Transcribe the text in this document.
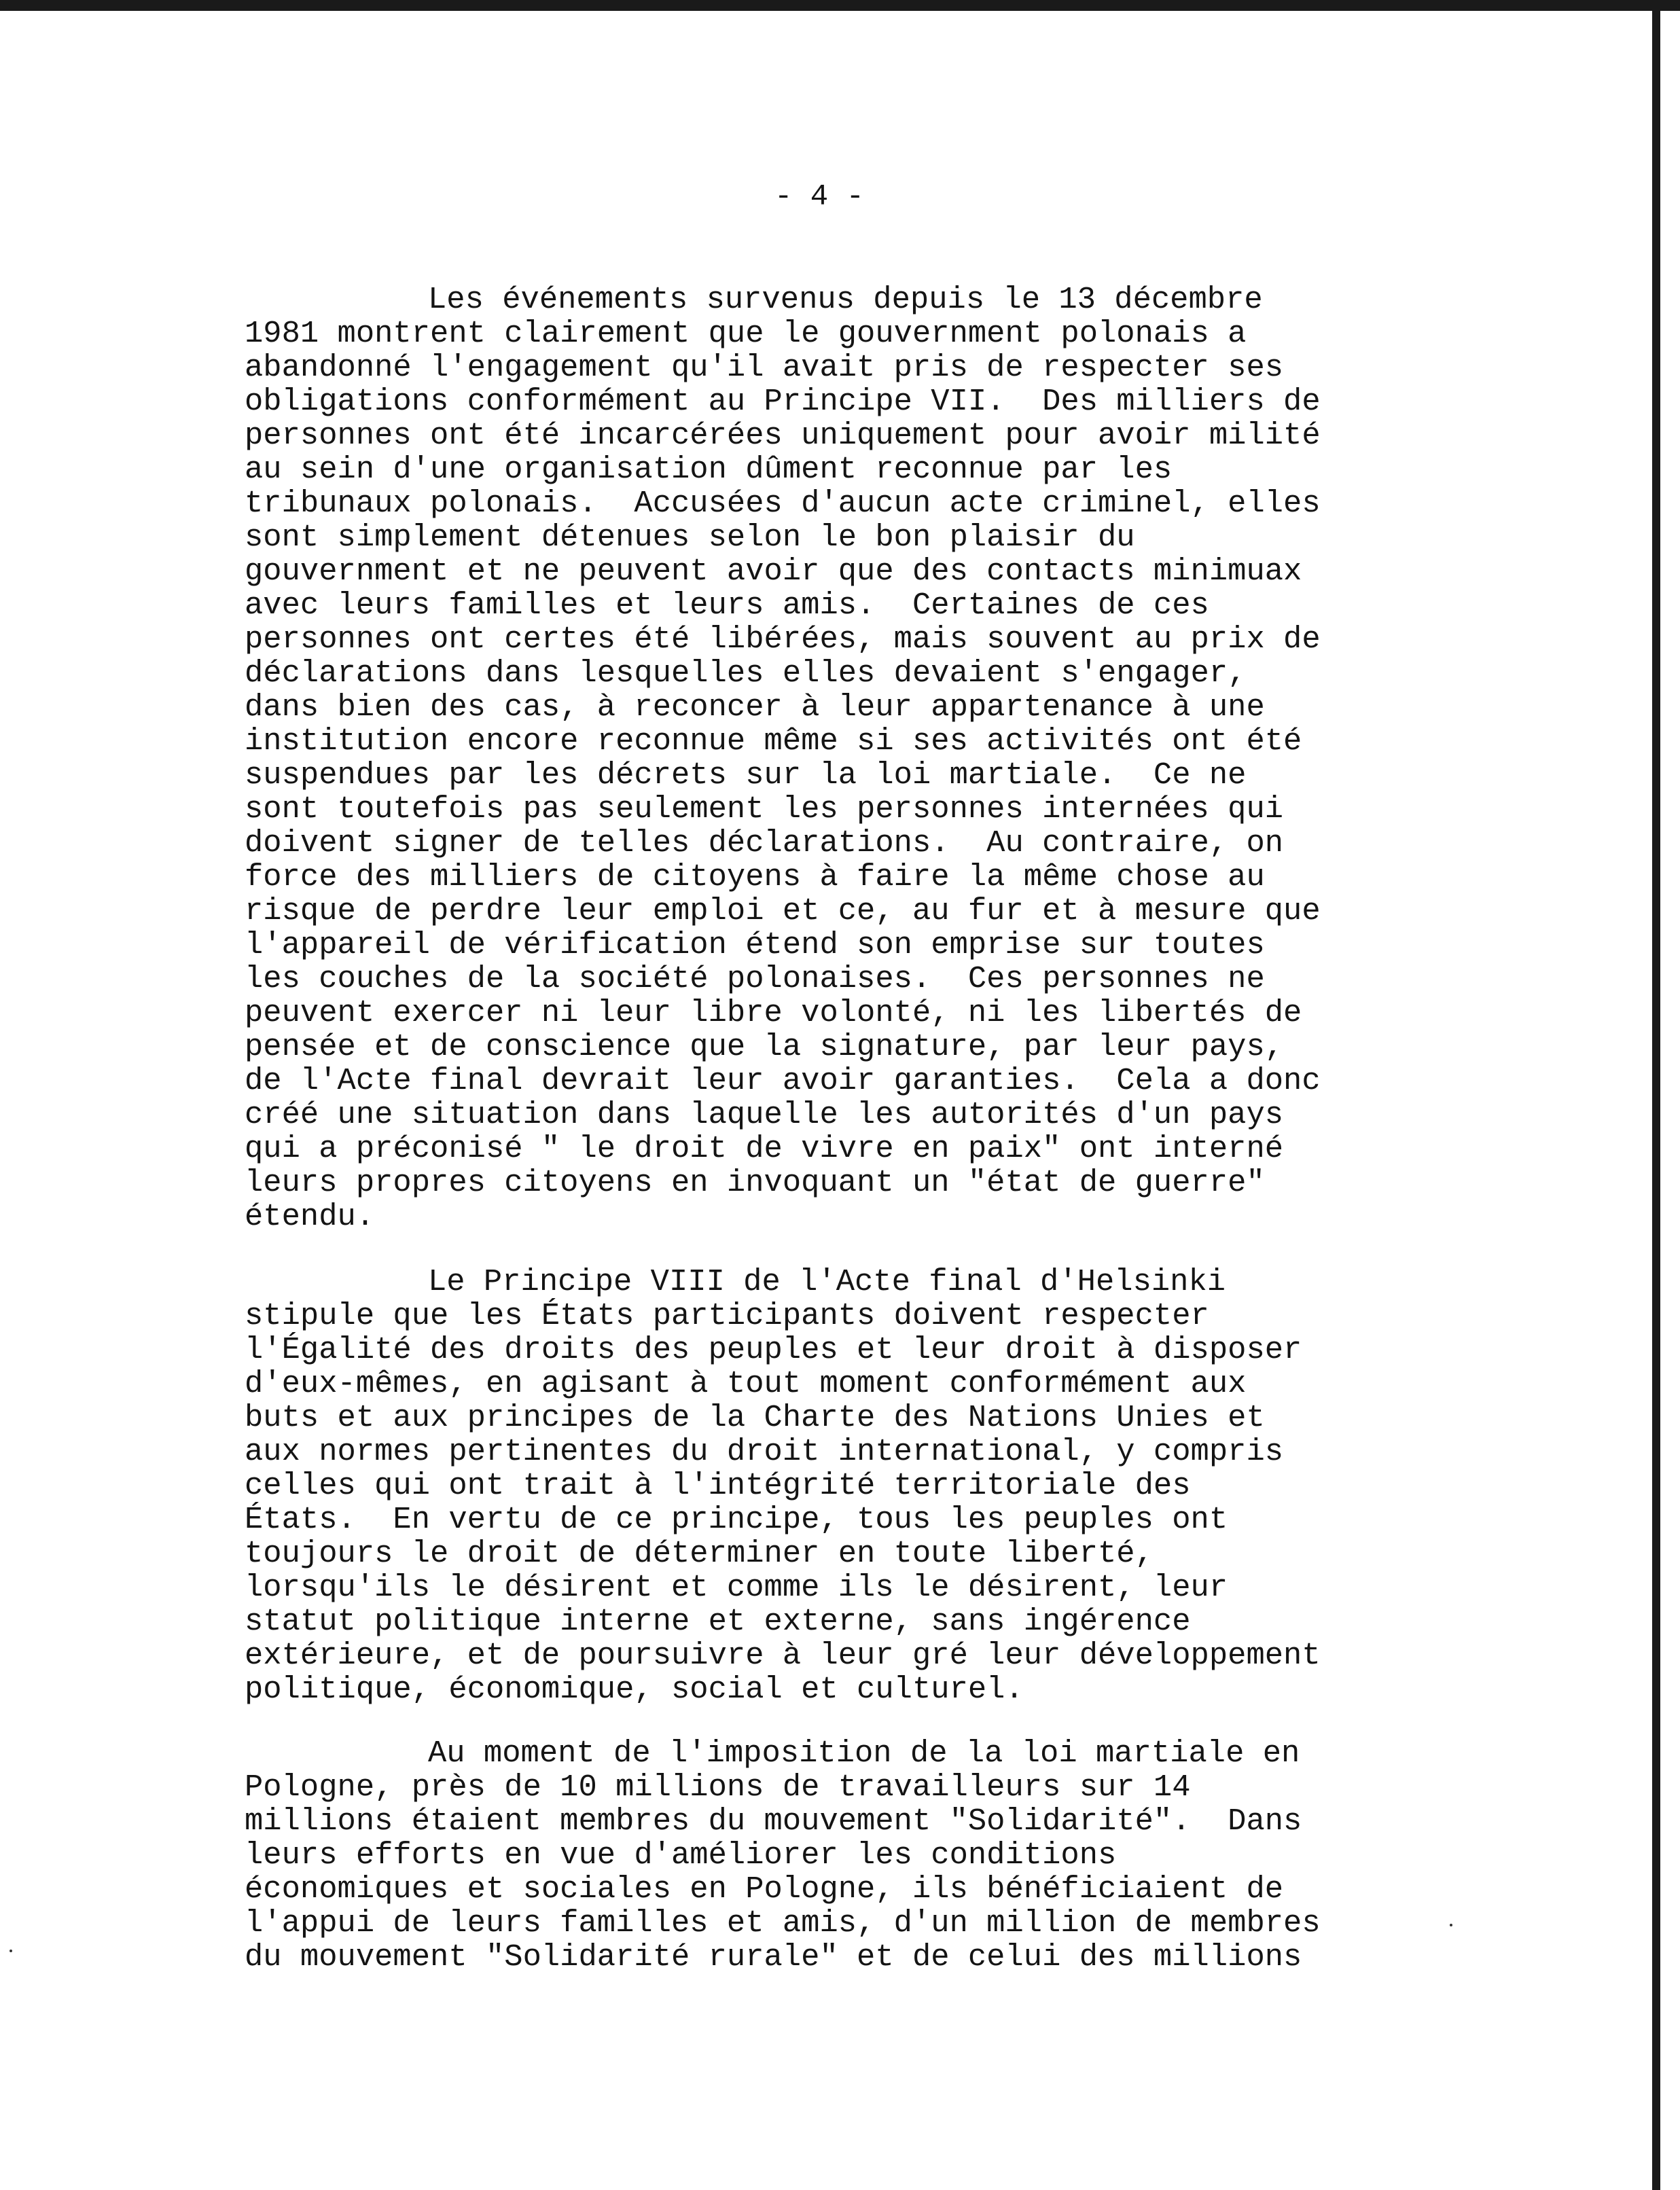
- 4 -
Les événements survenus depuis le 13 décembre
1981 montrent clairement que le gouvernment polonais a
abandonné l'engagement qu'il avait pris de respecter ses
obligations conformément au Principe VII.  Des milliers de
personnes ont été incarcérées uniquement pour avoir milité
au sein d'une organisation dûment reconnue par les
tribunaux polonais.  Accusées d'aucun acte criminel, elles
sont simplement détenues selon le bon plaisir du
gouvernment et ne peuvent avoir que des contacts minimuax
avec leurs familles et leurs amis.  Certaines de ces
personnes ont certes été libérées, mais souvent au prix de
déclarations dans lesquelles elles devaient s'engager,
dans bien des cas, à reconcer à leur appartenance à une
institution encore reconnue même si ses activités ont été
suspendues par les décrets sur la loi martiale.  Ce ne
sont toutefois pas seulement les personnes internées qui
doivent signer de telles déclarations.  Au contraire, on
force des milliers de citoyens à faire la même chose au
risque de perdre leur emploi et ce, au fur et à mesure que
l'appareil de vérification étend son emprise sur toutes
les couches de la société polonaises.  Ces personnes ne
peuvent exercer ni leur libre volonté, ni les libertés de
pensée et de conscience que la signature, par leur pays,
de l'Acte final devrait leur avoir garanties.  Cela a donc
créé une situation dans laquelle les autorités d'un pays
qui a préconisé " le droit de vivre en paix" ont interné
leurs propres citoyens en invoquant un "état de guerre"
étendu.
Le Principe VIII de l'Acte final d'Helsinki
stipule que les États participants doivent respecter
l'Égalité des droits des peuples et leur droit à disposer
d'eux-mêmes, en agisant à tout moment conformément aux
buts et aux principes de la Charte des Nations Unies et
aux normes pertinentes du droit international, y compris
celles qui ont trait à l'intégrité territoriale des
États.  En vertu de ce principe, tous les peuples ont
toujours le droit de déterminer en toute liberté,
lorsqu'ils le désirent et comme ils le désirent, leur
statut politique interne et externe, sans ingérence
extérieure, et de poursuivre à leur gré leur développement
politique, économique, social et culturel.
Au moment de l'imposition de la loi martiale en
Pologne, près de 10 millions de travailleurs sur 14
millions étaient membres du mouvement "Solidarité".  Dans
leurs efforts en vue d'améliorer les conditions
économiques et sociales en Pologne, ils bénéficiaient de
l'appui de leurs familles et amis, d'un million de membres
du mouvement "Solidarité rurale" et de celui des millions
